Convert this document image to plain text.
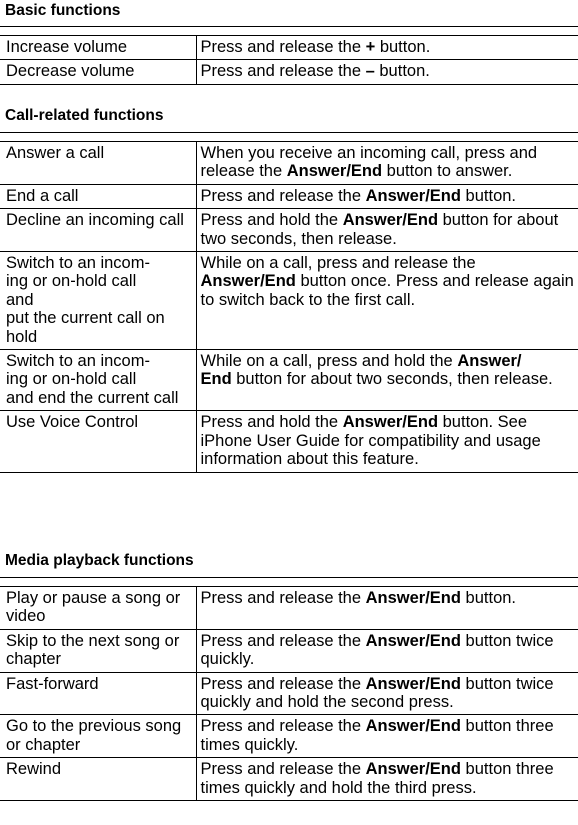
Basic functions
Increase volume	Press and release the + button.
Decrease volume	Press and release the – button.
Call-related functions
Answer a call	When you receive an incoming call, press and release the Answer/End button to answer.
End a call	Press and release the Answer/End button.
Decline an incoming call	Press and hold the Answer/End button for about two seconds, then release.
Switch to an incom-
ing or on-hold call
and
put the current call on hold	While on a call, press and release the Answer/End button once. Press and release again to switch back to the first call.
Switch to an incom-
ing or on-hold call
and end the current call	While on a call, press and hold the Answer/
End button for about two seconds, then release.
Use Voice Control	Press and hold the Answer/End button. See iPhone User Guide for compatibility and usage information about this feature.
Media playback functions
Play or pause a song or video	Press and release the Answer/End button.
Skip to the next song or chapter	Press and release the Answer/End button twice quickly.
Fast-forward	Press and release the Answer/End button twice quickly and hold the second press.
Go to the previous song or chapter	Press and release the Answer/End button three times quickly.
Rewind	Press and release the Answer/End button three times quickly and hold the third press.
